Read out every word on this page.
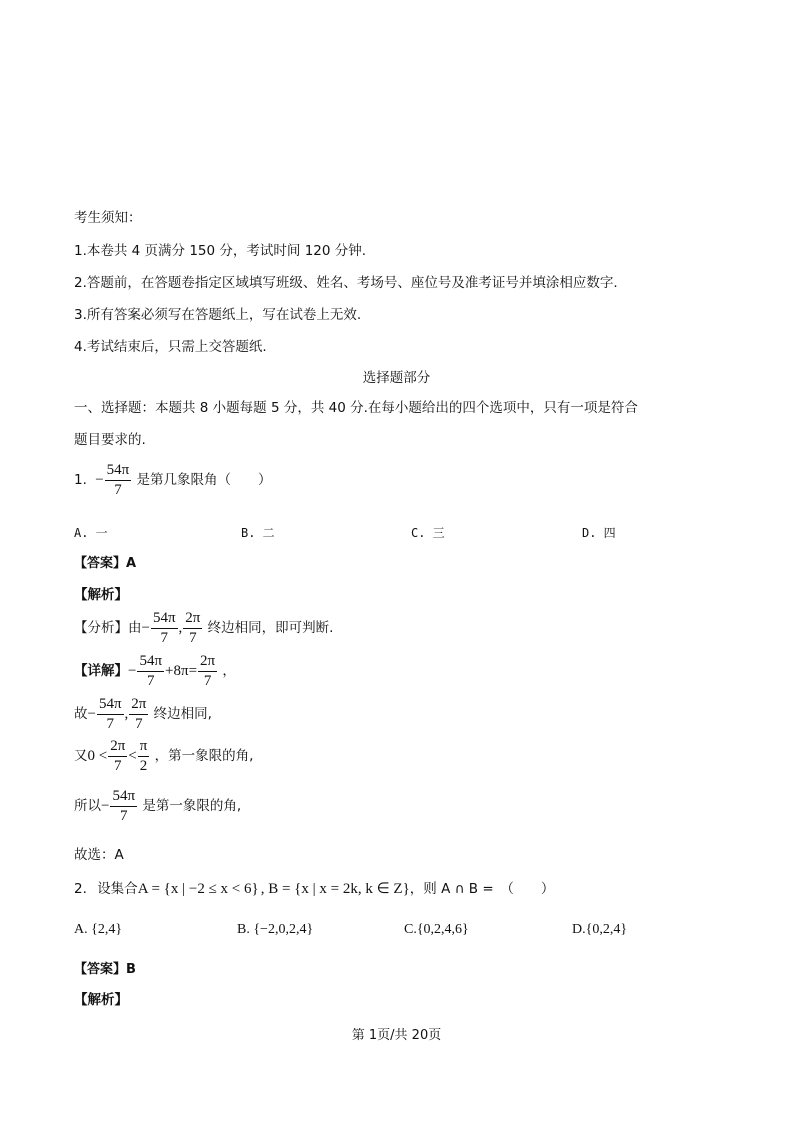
考生须知：
1.本卷共 4 页满分 150 分，考试时间 120 分钟.
2.答题前，在答题卷指定区域填写班级、姓名、考场号、座位号及准考证号并填涂相应数字.
3.所有答案必须写在答题纸上，写在试卷上无效.
4.考试结束后，只需上交答题纸.
选择题部分
一、选择题：本题共 8 小题每题 5 分，共 40 分.在每小题给出的四个选项中，只有一项是符合
题目要求的.
1. − $\frac{54\pi}{7}$ 是第几象限角（　　）
A. 一	B. 二	C. 三	D. 四
【答案】A
【解析】
【分析】由− $\frac{54\pi}{7}$ , $\frac{2\pi}{7}$ 终边相同，即可判断.
【详解】− $\frac{54\pi}{7} +8\pi= \frac{2\pi}{7}$ ，
故− $\frac{54\pi}{7}$ , $\frac{2\pi}{7}$ 终边相同,
又$0 < \frac{2\pi}{7} < \frac{\pi}{2}$ ，第一象限的角,
所以− $\frac{54\pi}{7}$ 是第一象限的角,
故选：A
2. 设集合A = {x | −2 ≤ x < 6} , B = {x | x = 2k, k ∈ Z}，则 A ∩ B =　（　　）
A. {2,4}	B. {−2,0,2,4}	C.{0,2,4,6}	D.{0,2,4}
【答案】B
【解析】
第 1页/共 20页
